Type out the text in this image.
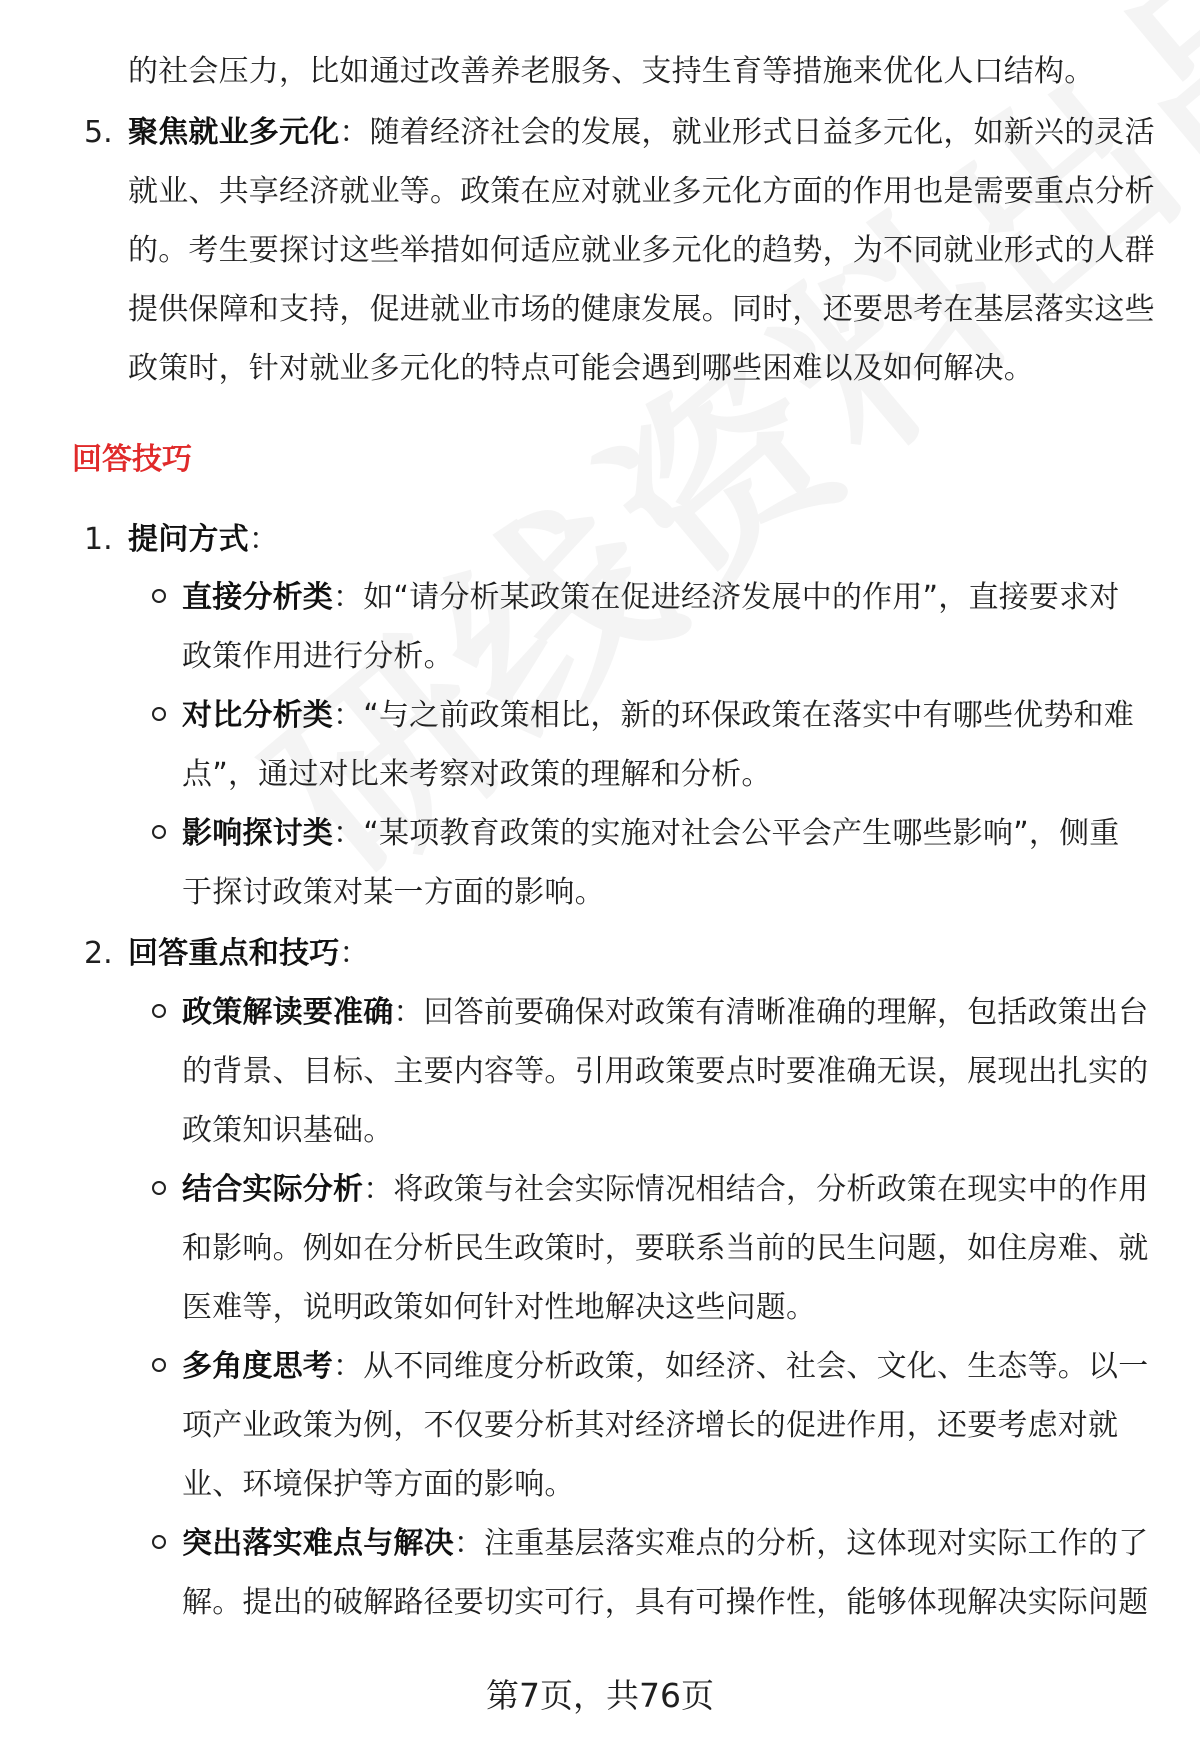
的社会压力，比如通过改善养老服务、支持生育等措施来优化人口结构。
5. 聚焦就业多元化：随着经济社会的发展，就业形式日益多元化，如新兴的灵活
就业、共享经济就业等。政策在应对就业多元化方面的作用也是需要重点分析
的。考生要探讨这些举措如何适应就业多元化的趋势，为不同就业形式的人群
提供保障和支持，促进就业市场的健康发展。同时，还要思考在基层落实这些
政策时，针对就业多元化的特点可能会遇到哪些困难以及如何解决。
回答技巧
1. 提问方式：
直接分析类：如“请分析某政策在促进经济发展中的作用”，直接要求对
政策作用进行分析。
对比分析类：“与之前政策相比，新的环保政策在落实中有哪些优势和难
点”，通过对比来考察对政策的理解和分析。
影响探讨类：“某项教育政策的实施对社会公平会产生哪些影响”，侧重
于探讨政策对某一方面的影响。
2. 回答重点和技巧：
政策解读要准确：回答前要确保对政策有清晰准确的理解，包括政策出台
的背景、目标、主要内容等。引用政策要点时要准确无误，展现出扎实的
政策知识基础。
结合实际分析：将政策与社会实际情况相结合，分析政策在现实中的作用
和影响。例如在分析民生政策时，要联系当前的民生问题，如住房难、就
医难等，说明政策如何针对性地解决这些问题。
多角度思考：从不同维度分析政策，如经济、社会、文化、生态等。以一
项产业政策为例，不仅要分析其对经济增长的促进作用，还要考虑对就
业、环境保护等方面的影响。
突出落实难点与解决：注重基层落实难点的分析，这体现对实际工作的了
解。提出的破解路径要切实可行，具有可操作性，能够体现解决实际问题
第7页，共76页
